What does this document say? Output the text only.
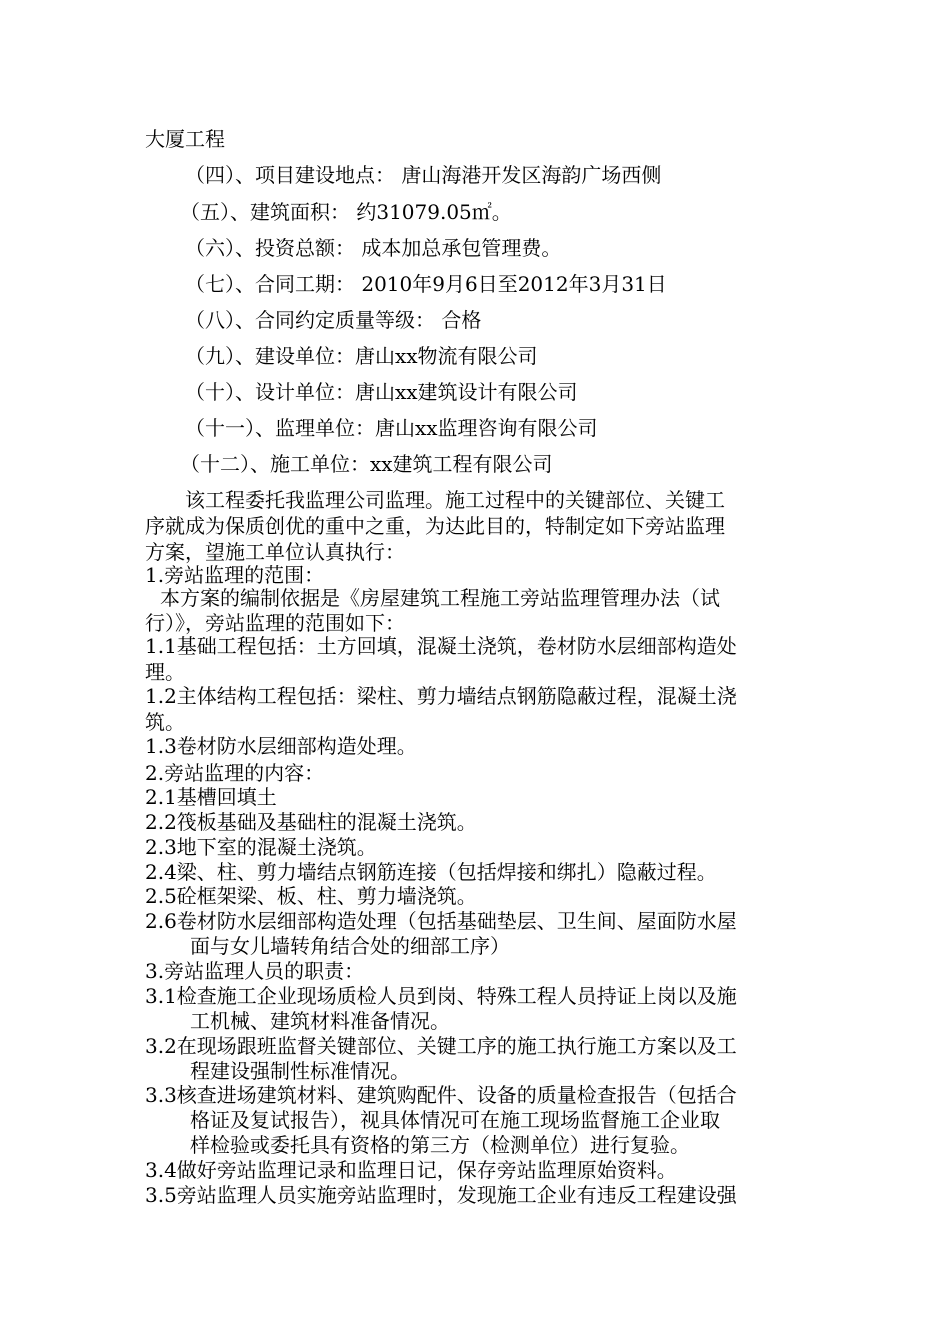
大厦工程
（四）、项目建设地点： 唐山海港开发区海韵广场西侧
（五）、建筑面积： 约31079.05㎡。
（六）、投资总额： 成本加总承包管理费。
（七）、合同工期： 2010年9月6日至2012年3月31日
（八）、合同约定质量等级： 合格
（九）、建设单位：唐山xx物流有限公司
（十）、设计单位：唐山xx建筑设计有限公司
（十一）、监理单位：唐山xx监理咨询有限公司
（十二）、施工单位：xx建筑工程有限公司
该工程委托我监理公司监理。施工过程中的关键部位、关键工
序就成为保质创优的重中之重，为达此目的，特制定如下旁站监理
方案，望施工单位认真执行：
1.旁站监理的范围：
本方案的编制依据是《房屋建筑工程施工旁站监理管理办法（试
行）》，旁站监理的范围如下：
1.1基础工程包括：土方回填，混凝土浇筑，卷材防水层细部构造处
理。
1.2主体结构工程包括：梁柱、剪力墙结点钢筋隐蔽过程，混凝土浇
筑。
1.3卷材防水层细部构造处理。
2.旁站监理的内容：
2.1基槽回填土
2.2筏板基础及基础柱的混凝土浇筑。
2.3地下室的混凝土浇筑。
2.4梁、柱、剪力墙结点钢筋连接（包括焊接和绑扎）隐蔽过程。
2.5砼框架梁、板、柱、剪力墙浇筑。
2.6卷材防水层细部构造处理（包括基础垫层、卫生间、屋面防水屋
面与女儿墙转角结合处的细部工序）
3.旁站监理人员的职责：
3.1检查施工企业现场质检人员到岗、特殊工程人员持证上岗以及施
工机械、建筑材料准备情况。
3.2在现场跟班监督关键部位、关键工序的施工执行施工方案以及工
程建设强制性标准情况。
3.3核查进场建筑材料、建筑购配件、设备的质量检查报告（包括合
格证及复试报告），视具体情况可在施工现场监督施工企业取
样检验或委托具有资格的第三方（检测单位）进行复验。
3.4做好旁站监理记录和监理日记，保存旁站监理原始资料。
3.5旁站监理人员实施旁站监理时，发现施工企业有违反工程建设强
